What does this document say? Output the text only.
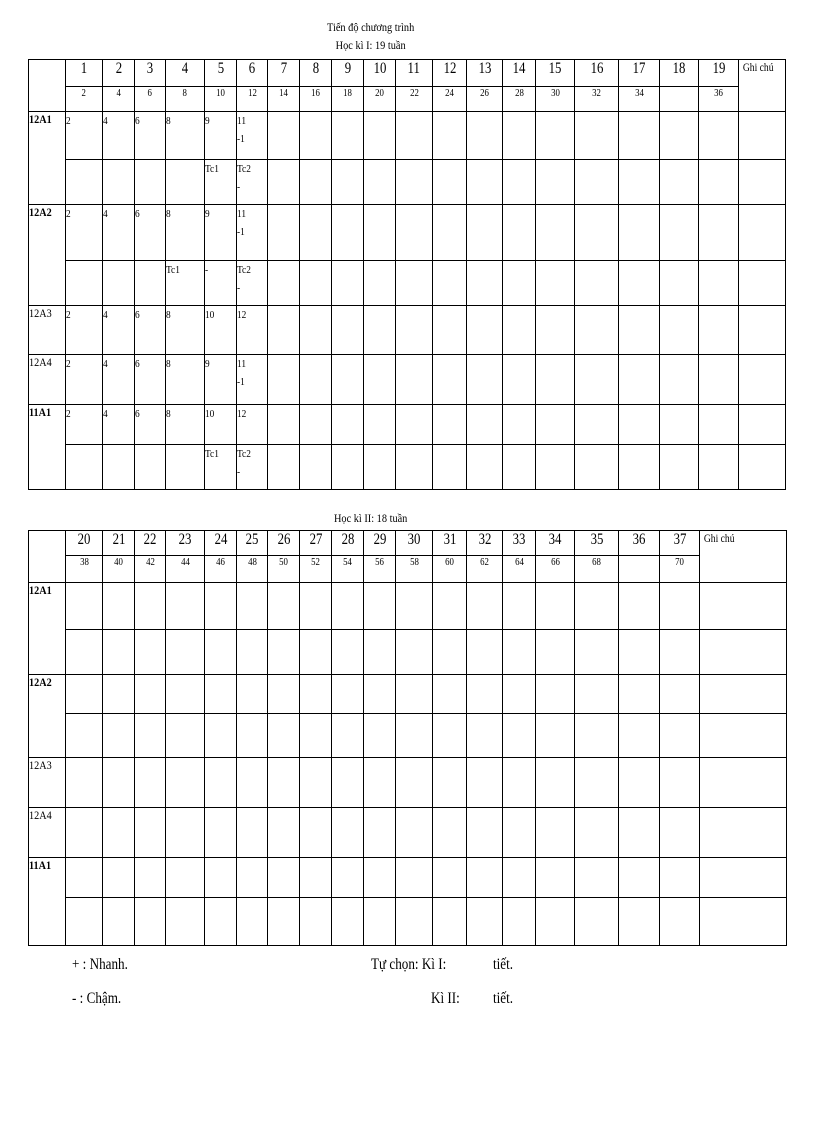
Tiến độ chương trình
Học kì I: 19 tuần
	1	2	3	4	5	6	7	8	9	10	11	12	13	14	15	16	17	18	19	Ghi chú
	2	4	6	8	10	12	14	16	18	20	22	24	26	28	30	32	34		36	
12A1	2	4	6	8	9	11
-1														
					Tc1	Tc2
-														
12A2	2	4	6	8	9	11
-1														
				Tc1	-	Tc2
-														
12A3	2	4	6	8	10	12														
12A4	2	4	6	8	9	11
-1														
11A1	2	4	6	8	10	12														
					Tc1	Tc2
-														
Học kì II: 18 tuần
	20	21	22	23	24	25	26	27	28	29	30	31	32	33	34	35	36	37	Ghi chú
	38	40	42	44	46	48	50	52	54	56	58	60	62	64	66	68		70	
12A1																			

12A2																			

12A3																			
12A4																			
11A1																			

+ : Nhanh.
- : Chậm.
Tự chọn: Kì I:	tiết.
Kì II:	tiết.
